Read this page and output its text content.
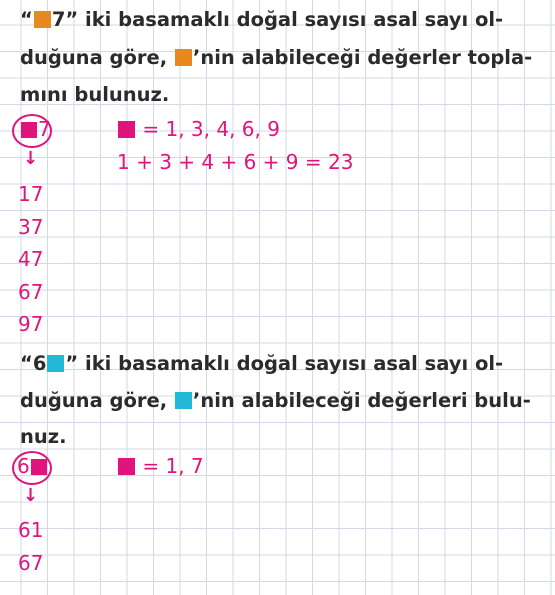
“ 7” iki basamaklı doğal sayısı asal sayı ol-
duğuna göre, ’nin alabileceği değerler topla-
mını bulunuz.
7	= 1, 3, 4, 6, 9
1 + 3 + 4 + 6 + 9 = 23
↓
17
37
47
67
97
“6 ” iki basamaklı doğal sayısı asal sayı ol-
duğuna göre, ’nin alabileceği değerleri bulu-
nuz.
6	= 1, 7
↓
61
67
